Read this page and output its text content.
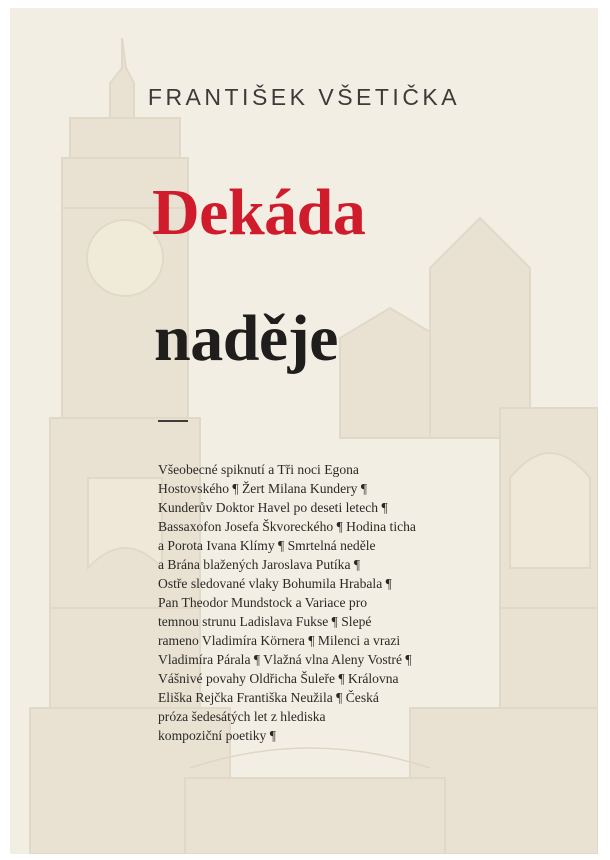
FRANTIŠEK VŠETIČKA
Dekáda
naděje
Všeobecné spiknutí a Tři noci Egona
Hostovského ¶ Žert Milana Kundery ¶
Kunderův Doktor Havel po deseti letech ¶
Bassaxofon Josefa Škvoreckého ¶ Hodina ticha
a Porota Ivana Klímy ¶ Smrtelná neděle
a Brána blažených Jaroslava Putíka ¶
Ostře sledované vlaky Bohumila Hrabala ¶
Pan Theodor Mundstock a Variace pro
temnou strunu Ladislava Fukse ¶ Slepé
rameno Vladimíra Körnera ¶ Milenci a vrazi
Vladimíra Párala ¶ Vlažná vlna Aleny Vostré ¶
Vášnivé povahy Oldřicha Šuleře ¶ Královna
Eliška Rejčka Františka Neužila ¶ Česká
próza šedesátých let z hlediska
kompoziční poetiky ¶
